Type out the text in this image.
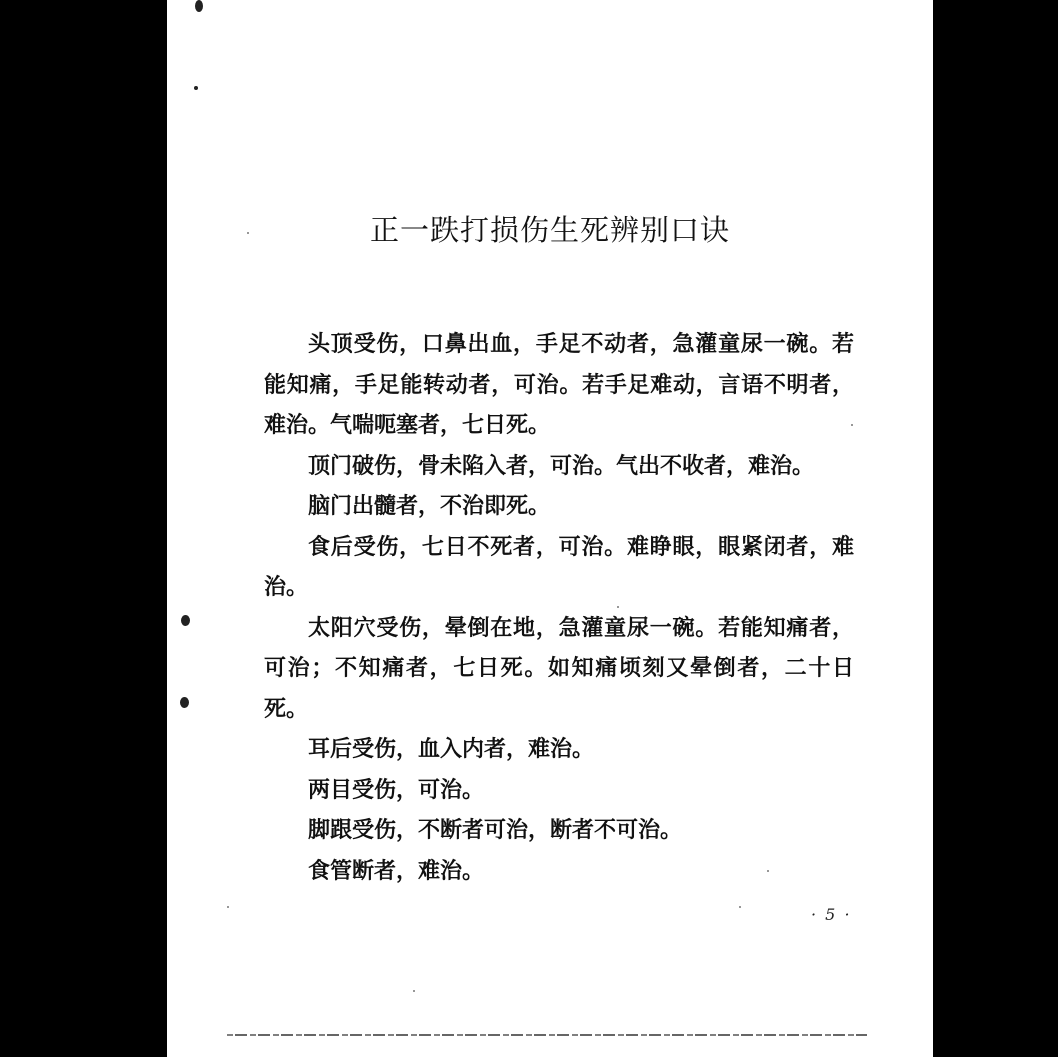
正一跌打损伤生死辨别口诀

头顶受伤，口鼻出血，手足不动者，急灌童尿一碗。若能知痛，手足能转动者，可治。若手足难动，言语不明者，难治。气喘呃塞者，七日死。

顶门破伤，骨未陷入者，可治。气出不收者，难治。

脑门出髓者，不治即死。

食后受伤，七日不死者，可治。难睁眼，眼紧闭者，难治。

太阳穴受伤，晕倒在地，急灌童尿一碗。若能知痛者，可治；不知痛者，七日死。如知痛顷刻又晕倒者，二十日死。

耳后受伤，血入内者，难治。

两目受伤，可治。

脚跟受伤，不断者可治，断者不可治。

食管断者，难治。

· 5 ·
